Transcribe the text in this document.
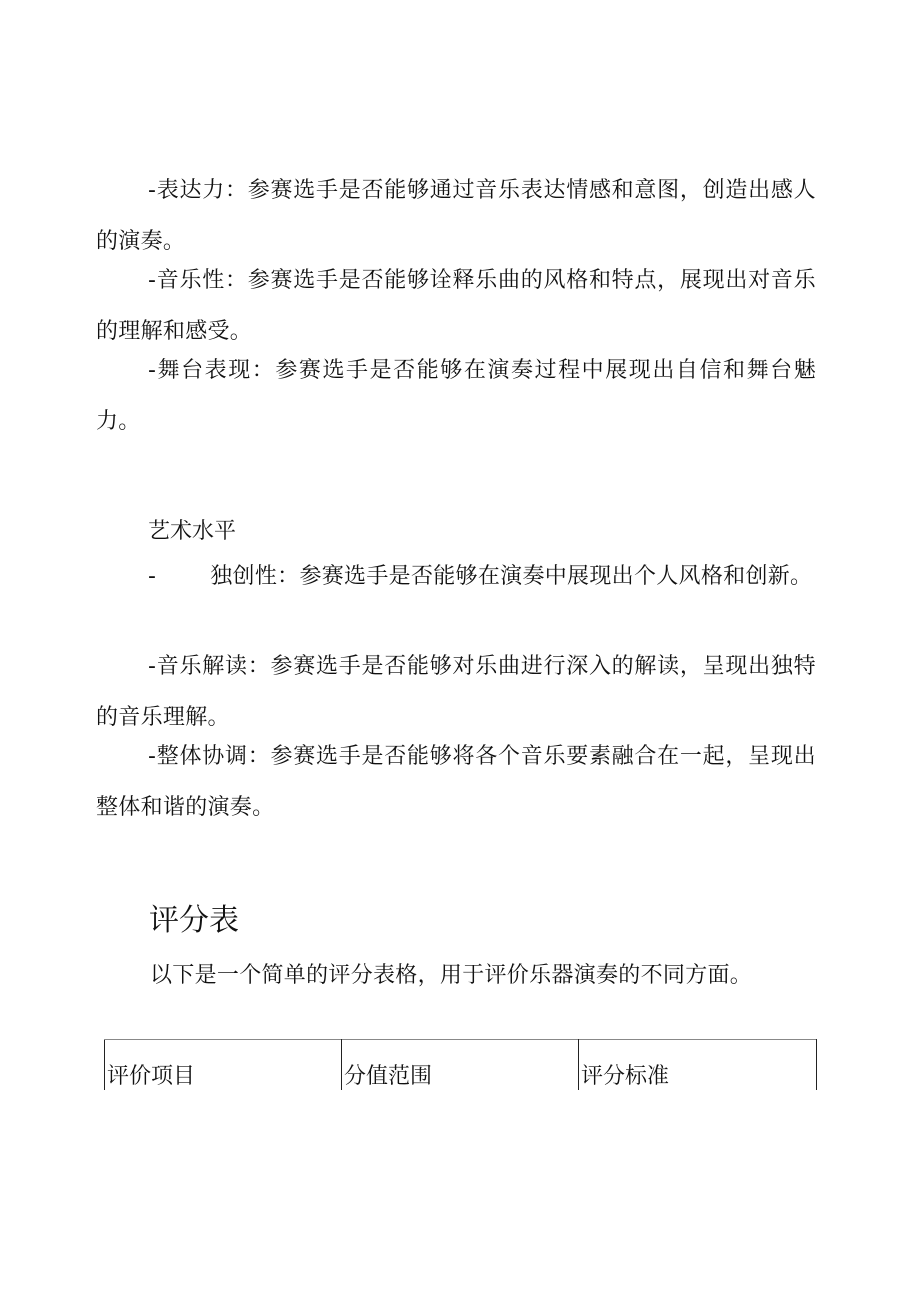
-表达力：参赛选手是否能够通过音乐表达情感和意图，创造出感人的演奏。

-音乐性：参赛选手是否能够诠释乐曲的风格和特点，展现出对音乐的理解和感受。

-舞台表现：参赛选手是否能够在演奏过程中展现出自信和舞台魅力。

艺术水平

- 独创性：参赛选手是否能够在演奏中展现出个人风格和创新。

-音乐解读：参赛选手是否能够对乐曲进行深入的解读，呈现出独特的音乐理解。

-整体协调：参赛选手是否能够将各个音乐要素融合在一起，呈现出整体和谐的演奏。

评分表

以下是一个简单的评分表格，用于评价乐器演奏的不同方面。

评价项目	分值范围	评分标准
